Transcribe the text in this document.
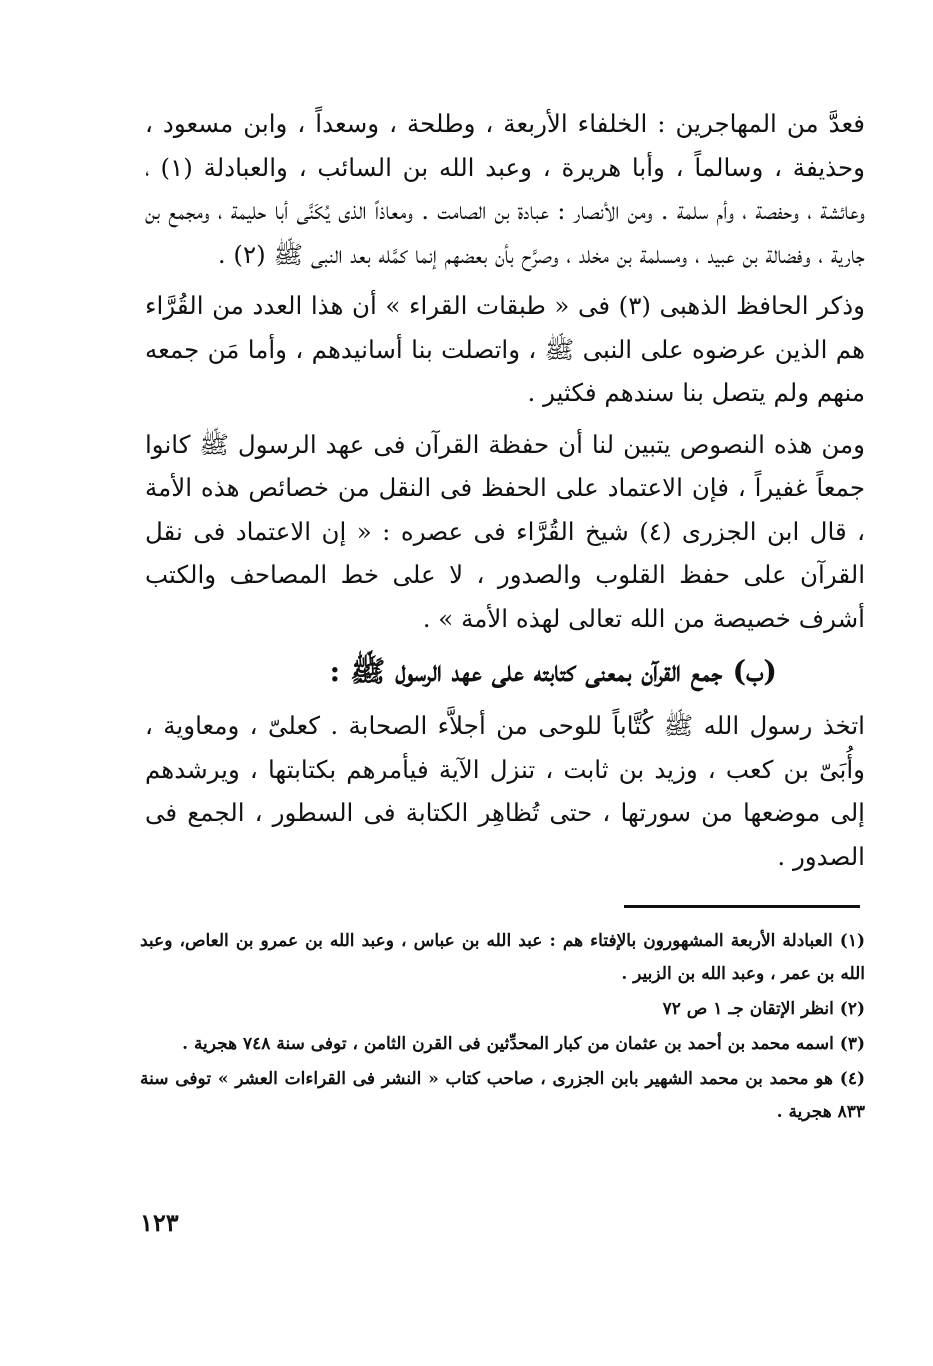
فعدَّ من المهاجرين : الخلفاء الأربعة ، وطلحة ، وسعداً ، وابن مسعود ، وحذيفة ، وسالماً ، وأبا هريرة ، وعبد الله بن السائب ، والعبادلة (١) ، وعائشة ، وحفصة ، وأم سلمة . ومن الأنصار : عبادة بن الصامت . ومعاذاً الذى يُكَنَّى أبا حليمة ، ومجمع بن جارية ، وفضالة بن عبيد ، ومسلمة بن مخلد ، وصرَّح بأن بعضهم إنما كمَّله بعد النبى ﷺ (٢) .

وذكر الحافظ الذهبى (٣) فى « طبقات القراء » أن هذا العدد من القُرَّاء هم الذين عرضوه على النبى ﷺ ، واتصلت بنا أسانيدهم ، وأما مَن جمعه منهم ولم يتصل بنا سندهم فكثير .

ومن هذه النصوص يتبين لنا أن حفظة القرآن فى عهد الرسول ﷺ كانوا جمعاً غفيراً ، فإن الاعتماد على الحفظ فى النقل من خصائص هذه الأمة ، قال ابن الجزرى (٤) شيخ القُرَّاء فى عصره : « إن الاعتماد فى نقل القرآن على حفظ القلوب والصدور ، لا على خط المصاحف والكتب أشرف خصيصة من الله تعالى لهذه الأمة » .

(ب) جمع القرآن بمعنى كتابته على عهد الرسول ﷺ :

اتخذ رسول الله ﷺ كُتَّاباً للوحى من أجلاَّء الصحابة . كعلىّ ، ومعاوية ، وأُبَىّ بن كعب ، وزيد بن ثابت ، تنزل الآية فيأمرهم بكتابتها ، ويرشدهم إلى موضعها من سورتها ، حتى تُظاهِر الكتابة فى السطور ، الجمع فى الصدور .

(١) العبادلة الأربعة المشهورون بالإفتاء هم : عبد الله بن عباس ، وعبد الله بن عمرو بن العاص، وعبد الله بن عمر ، وعبد الله بن الزبير .

(٢) انظر الإتقان جـ ١ ص ٧٢

(٣) اسمه محمد بن أحمد بن عثمان من كبار المحدِّثين فى القرن الثامن ، توفى سنة ٧٤٨ هجرية .

(٤) هو محمد بن محمد الشهير بابن الجزرى ، صاحب كتاب « النشر فى القراءات العشر » توفى سنة ٨٣٣ هجرية .

١٢٣
